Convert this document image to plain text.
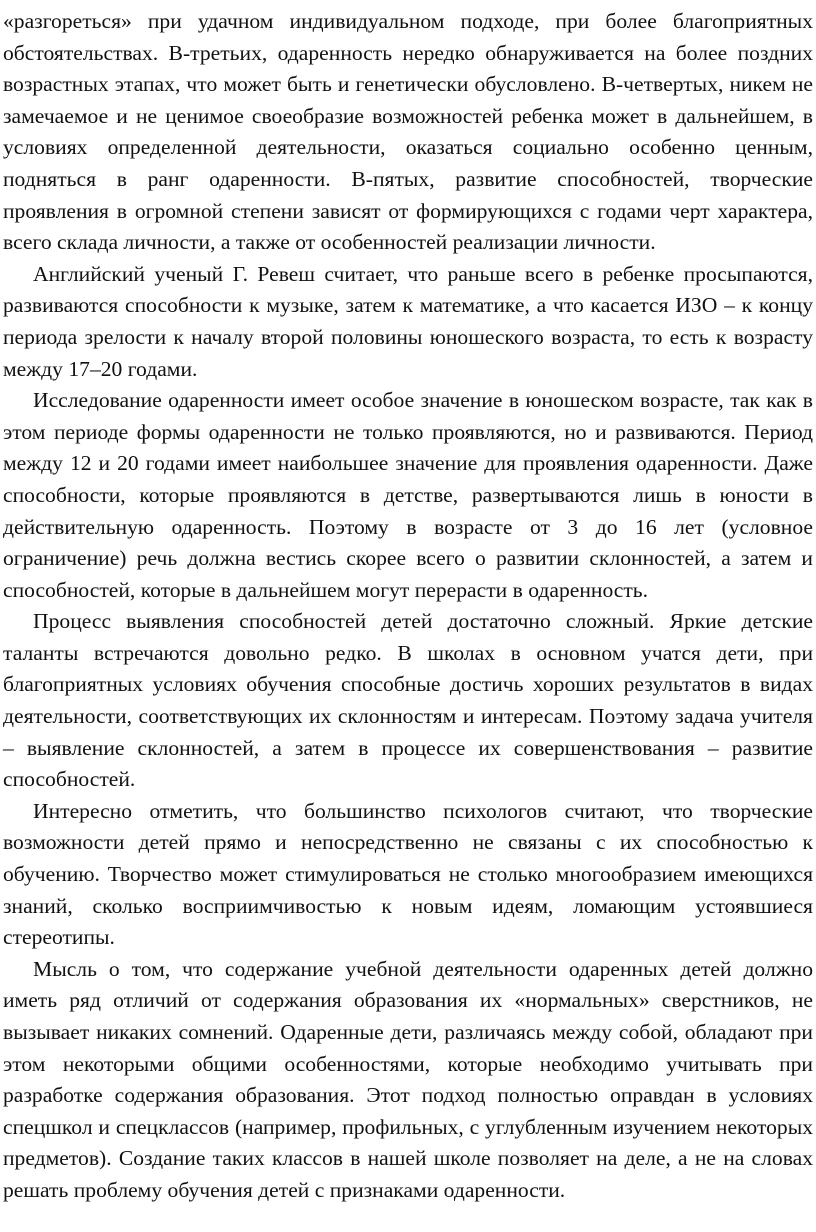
«разгореться» при удачном индивидуальном подходе, при более благоприятных обстоятельствах. В-третьих, одаренность нередко обнаруживается на более поздних возрастных этапах, что может быть и генетически обусловлено. В-четвертых, никем не замечаемое и не ценимое своеобразие возможностей ребенка может в дальнейшем, в условиях определенной деятельности, оказаться социально особенно ценным, подняться в ранг одаренности. В-пятых, развитие способностей, творческие проявления в огромной степени зависят от формирующихся с годами черт характера, всего склада личности, а также от особенностей реализации личности.

Английский ученый Г. Ревеш считает, что раньше всего в ребенке просыпаются, развиваются способности к музыке, затем к математике, а что касается ИЗО – к концу периода зрелости к началу второй половины юношеского возраста, то есть к возрасту между 17–20 годами.

Исследование одаренности имеет особое значение в юношеском возрасте, так как в этом периоде формы одаренности не только проявляются, но и развиваются. Период между 12 и 20 годами имеет наибольшее значение для проявления одаренности. Даже способности, которые проявляются в детстве, развертываются лишь в юности в действительную одаренность. Поэтому в возрасте от 3 до 16 лет (условное ограничение) речь должна вестись скорее всего о развитии склонностей, а затем и способностей, которые в дальнейшем могут перерасти в одаренность.

Процесс выявления способностей детей достаточно сложный. Яркие детские таланты встречаются довольно редко. В школах в основном учатся дети, при благоприятных условиях обучения способные достичь хороших результатов в видах деятельности, соответствующих их склонностям и интересам. Поэтому задача учителя – выявление склонностей, а затем в процессе их совершенствования – развитие способностей.

Интересно отметить, что большинство психологов считают, что творческие возможности детей прямо и непосредственно не связаны с их способностью к обучению. Творчество может стимулироваться не столько многообразием имеющихся знаний, сколько восприимчивостью к новым идеям, ломающим устоявшиеся стереотипы.

Мысль о том, что содержание учебной деятельности одаренных детей должно иметь ряд отличий от содержания образования их «нормальных» сверстников, не вызывает никаких сомнений. Одаренные дети, различаясь между собой, обладают при этом некоторыми общими особенностями, которые необходимо учитывать при разработке содержания образования. Этот подход полностью оправдан в условиях спецшкол и спецклассов (например, профильных, с углубленным изучением некоторых предметов). Создание таких классов в нашей школе позволяет на деле, а не на словах решать проблему обучения детей с признаками одаренности.
